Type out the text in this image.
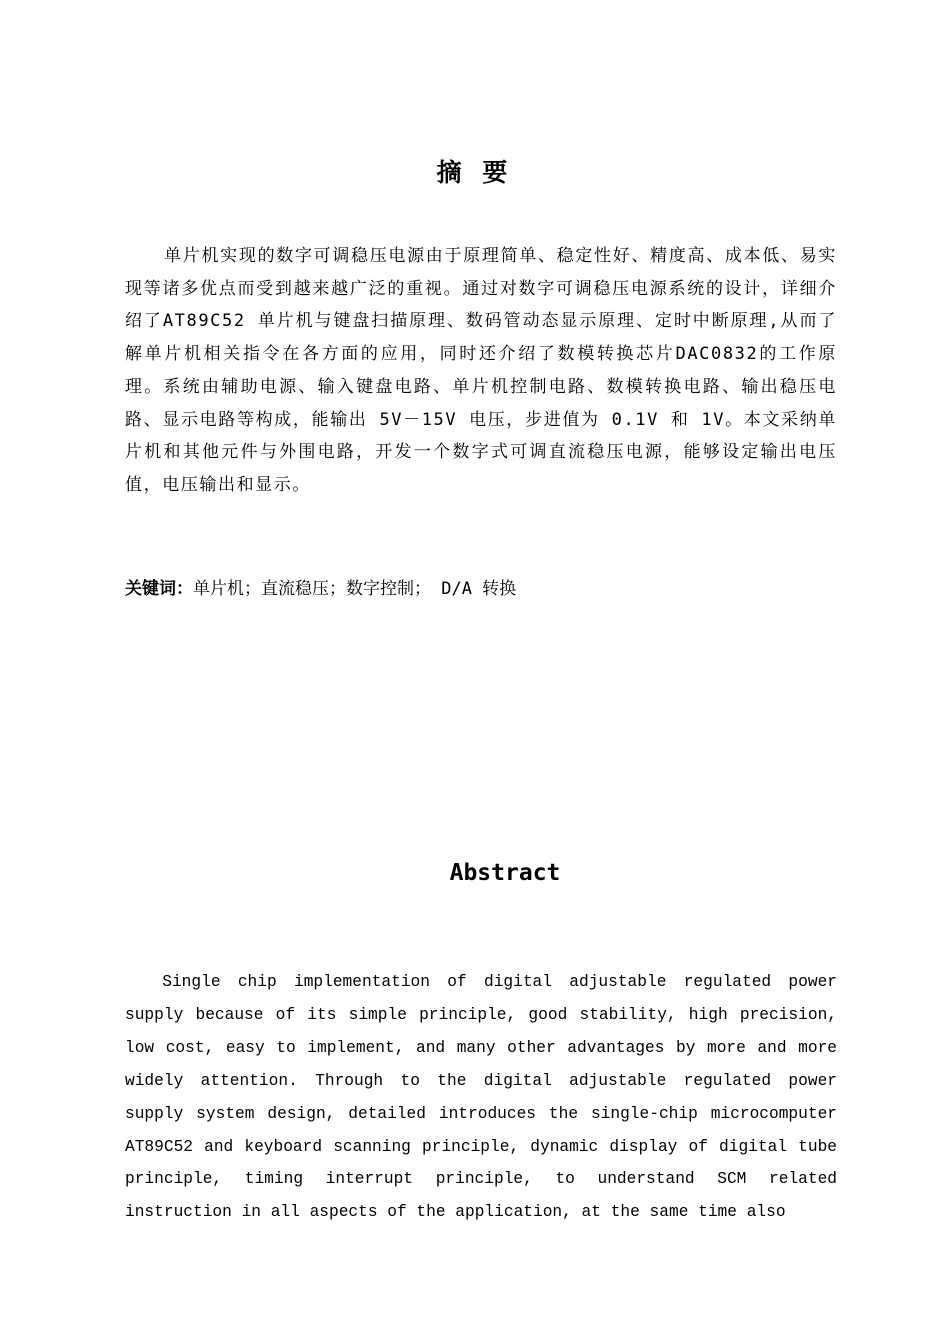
摘 要

单片机实现的数字可调稳压电源由于原理简单、稳定性好、精度高、成本低、易实现等诸多优点而受到越来越广泛的重视。通过对数字可调稳压电源系统的设计，详细介绍了AT89C52 单片机与键盘扫描原理、数码管动态显示原理、定时中断原理,从而了解单片机相关指令在各方面的应用，同时还介绍了数模转换芯片DAC0832的工作原理。系统由辅助电源、输入键盘电路、单片机控制电路、数模转换电路、输出稳压电路、显示电路等构成，能输出 5V－15V 电压，步进值为 0.1V 和 1V。本文采纳单片机和其他元件与外围电路，开发一个数字式可调直流稳压电源，能够设定输出电压值，电压输出和显示。

关键词：单片机；直流稳压；数字控制； D/A 转换

Abstract

Single chip implementation of digital adjustable regulated power supply because of its simple principle, good stability, high precision, low cost, easy to implement, and many other advantages by more and more widely attention. Through to the digital adjustable regulated power supply system design, detailed introduces the single-chip microcomputer AT89C52 and keyboard scanning principle, dynamic display of digital tube principle, timing interrupt principle, to understand SCM related instruction in all aspects of the application, at the same time also
